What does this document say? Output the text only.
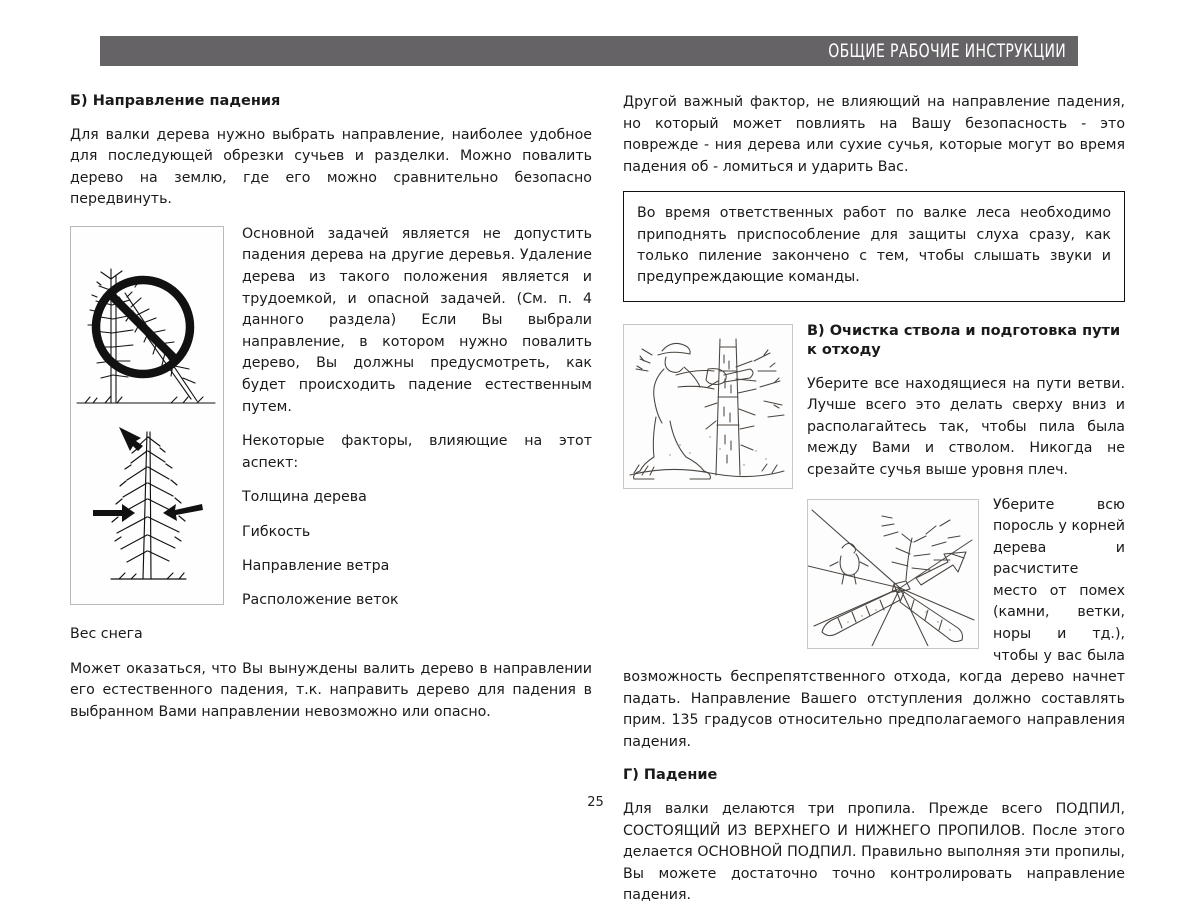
ОБЩИЕ РАБОЧИЕ ИНСТРУКЦИИ
Б) Направление падения

Для валки дерева нужно выбрать направление, наиболее удобное для последующей обрезки сучьев и разделки. Можно повалить дерево на землю, где его можно сравнительно безопасно передвинуть.

Основной задачей является не допустить падения дерева на другие деревья. Удаление дерева из такого положения является и трудоемкой, и опасной задачей. (См. п. 4 данного раздела) Если Вы выбрали направление, в котором нужно повалить дерево, Вы должны предусмотреть, как будет происходить падение естественным путем.

Некоторые факторы, влияющие на этот аспект:

Толщина дерева
Гибкость
Направление ветра
Расположение веток
Вес снега

Может оказаться, что Вы вынуждены валить дерево в направлении его естественного падения, т.к. направить дерево для падения в выбранном Вами направлении невозможно или опасно.

Другой важный фактор, не влияющий на направление падения, но который может повлиять на Вашу безопасность - это поврежде - ния дерева или сухие сучья, которые могут во время падения об - ломиться и ударить Вас.

Во время ответственных работ по валке леса необходимо приподнять приспособление для защиты слуха сразу, как только пиление закончено с тем, чтобы слышать звуки и предупреждающие команды.

В) Очистка ствола и подготовка пути к отходу

Уберите все находящиеся на пути ветви. Лучше всего это делать сверху вниз и располагайтесь так, чтобы пила была между Вами и стволом. Никогда не срезайте сучья выше уровня плеч.

Уберите всю поросль у корней дерева и расчистите место от помех (камни, ветки, норы и тд.), чтобы у вас была возможность беспрепятственного отхода, когда дерево начнет падать. Направление Вашего отступления должно составлять прим. 135 градусов относительно предполагаемого направления падения.

Г) Падение

Для валки делаются три пропила. Прежде всего ПОДПИЛ, СОСТОЯЩИЙ ИЗ ВЕРХНЕГО И НИЖНЕГО ПРОПИЛОВ. После этого делается ОСНОВНОЙ ПОДПИЛ. Правильно выполняя эти пропилы, Вы можете достаточно точно контролировать направление падения.

25
